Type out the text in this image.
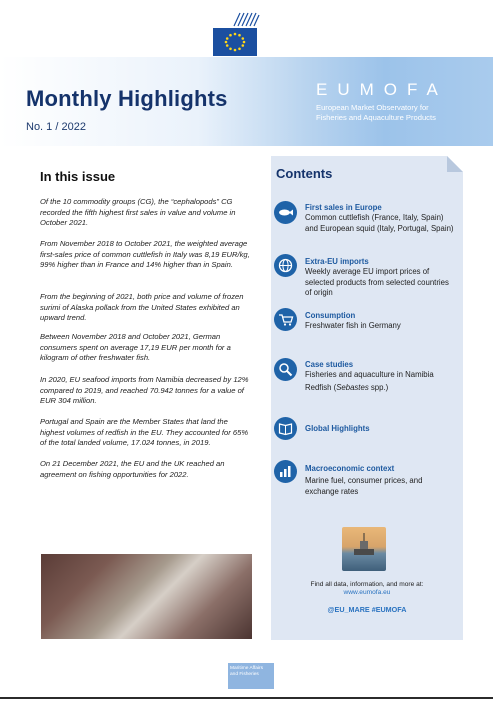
Monthly Highlights
No. 1 / 2022
EUMOFA
European Market Observatory for
Fisheries and Aquaculture Products
In this issue
Of the 10 commodity groups (CG), the “cephalopods” CG recorded the fifth highest first sales in value and volume in October 2021.
From November 2018 to October 2021, the weighted average first-sales price of common cuttlefish in Italy was 8,19 EUR/kg, 99% higher than in France and 14% higher than in Spain.
From the beginning of 2021, both price and volume of frozen surimi of Alaska pollack from the United States exhibited an upward trend.
Between November 2018 and October 2021, German consumers spent on average 17,19 EUR per month for a kilogram of other freshwater fish.
In 2020, EU seafood imports from Namibia decreased by 12% compared to 2019, and reached 70.942 tonnes for a value of EUR 304 million.
Portugal and Spain are the Member States that land the highest volumes of redfish in the EU. They accounted for 65% of the total landed volume, 17.024 tonnes, in 2019.
On 21 December 2021, the EU and the UK reached an agreement on fishing opportunities for 2022.
Contents
First sales in Europe
Common cuttlefish (France, Italy, Spain) and European squid (Italy, Portugal, Spain)
Extra-EU imports
Weekly average EU import prices of selected products from selected countries of origin
Consumption
Freshwater fish in Germany
Case studies
Fisheries and aquaculture in Namibia
Redfish (Sebastes spp.)
Global Highlights
Macroeconomic context
Marine fuel, consumer prices, and exchange rates
Find all data, information, and more at:
www.eumofa.eu
@EU_MARE #EUMOFA
Maritime Affairs
and Fisheries
